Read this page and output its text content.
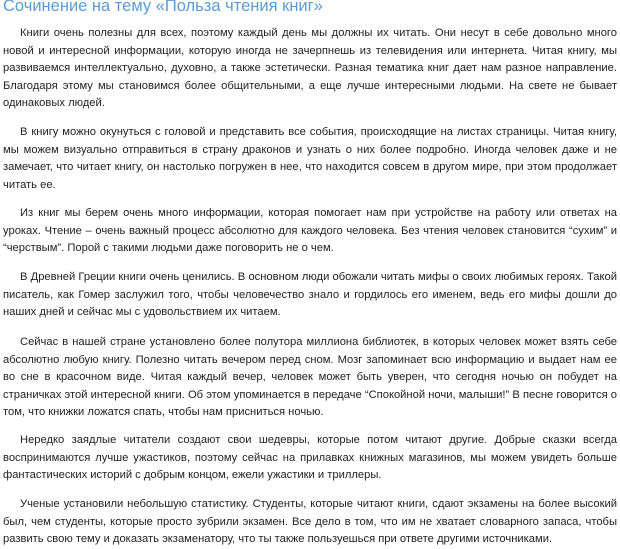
Сочинение на тему «Польза чтения книг»

Книги очень полезны для всех, поэтому каждый день мы должны их читать. Они несут в себе довольно много новой и интересной информации, которую иногда не зачерпнешь из телевидения или интернета. Читая книгу, мы развиваемся интеллектуально, духовно, а также эстетически. Разная тематика книг дает нам разное направление. Благодаря этому мы становимся более общительными, а еще лучше интересными людьми. На свете не бывает одинаковых людей.

В книгу можно окунуться с головой и представить все события, происходящие на листах страницы. Читая книгу, мы можем визуально отправиться в страну драконов и узнать о них более подробно. Иногда человек даже и не замечает, что читает книгу, он настолько погружен в нее, что находится совсем в другом мире, при этом продолжает читать ее.

Из книг мы берем очень много информации, которая помогает нам при устройстве на работу или ответах на уроках. Чтение – очень важный процесс абсолютно для каждого человека. Без чтения человек становится “сухим” и “черствым”. Порой с такими людьми даже поговорить не о чем.

В Древней Греции книги очень ценились. В основном люди обожали читать мифы о своих любимых героях. Такой писатель, как Гомер заслужил того, чтобы человечество знало и гордилось его именем, ведь его мифы дошли до наших дней и сейчас мы с удовольствием их читаем.

Сейчас в нашей стране установлено более полутора миллиона библиотек, в которых человек может взять себе абсолютно любую книгу. Полезно читать вечером перед сном. Мозг запоминает всю информацию и выдает нам ее во сне в красочном виде. Читая каждый вечер, человек может быть уверен, что сегодня ночью он побудет на страничках этой интересной книги. Об этом упоминается в передаче “Спокойной ночи, малыши!” В песне говорится о том, что книжки ложатся спать, чтобы нам присниться ночью.

Нередко заядлые читатели создают свои шедевры, которые потом читают другие. Добрые сказки всегда воспринимаются лучше ужастиков, поэтому сейчас на прилавках книжных магазинов, мы можем увидеть больше фантастических историй с добрым концом, ежели ужастики и триллеры.

Ученые установили небольшую статистику. Студенты, которые читают книги, сдают экзамены на более высокий был, чем студенты, которые просто зубрили экзамен. Все дело в том, что им не хватает словарного запаса, чтобы развить свою тему и доказать экзаменатору, что ты также пользуешься при ответе другими источниками.
